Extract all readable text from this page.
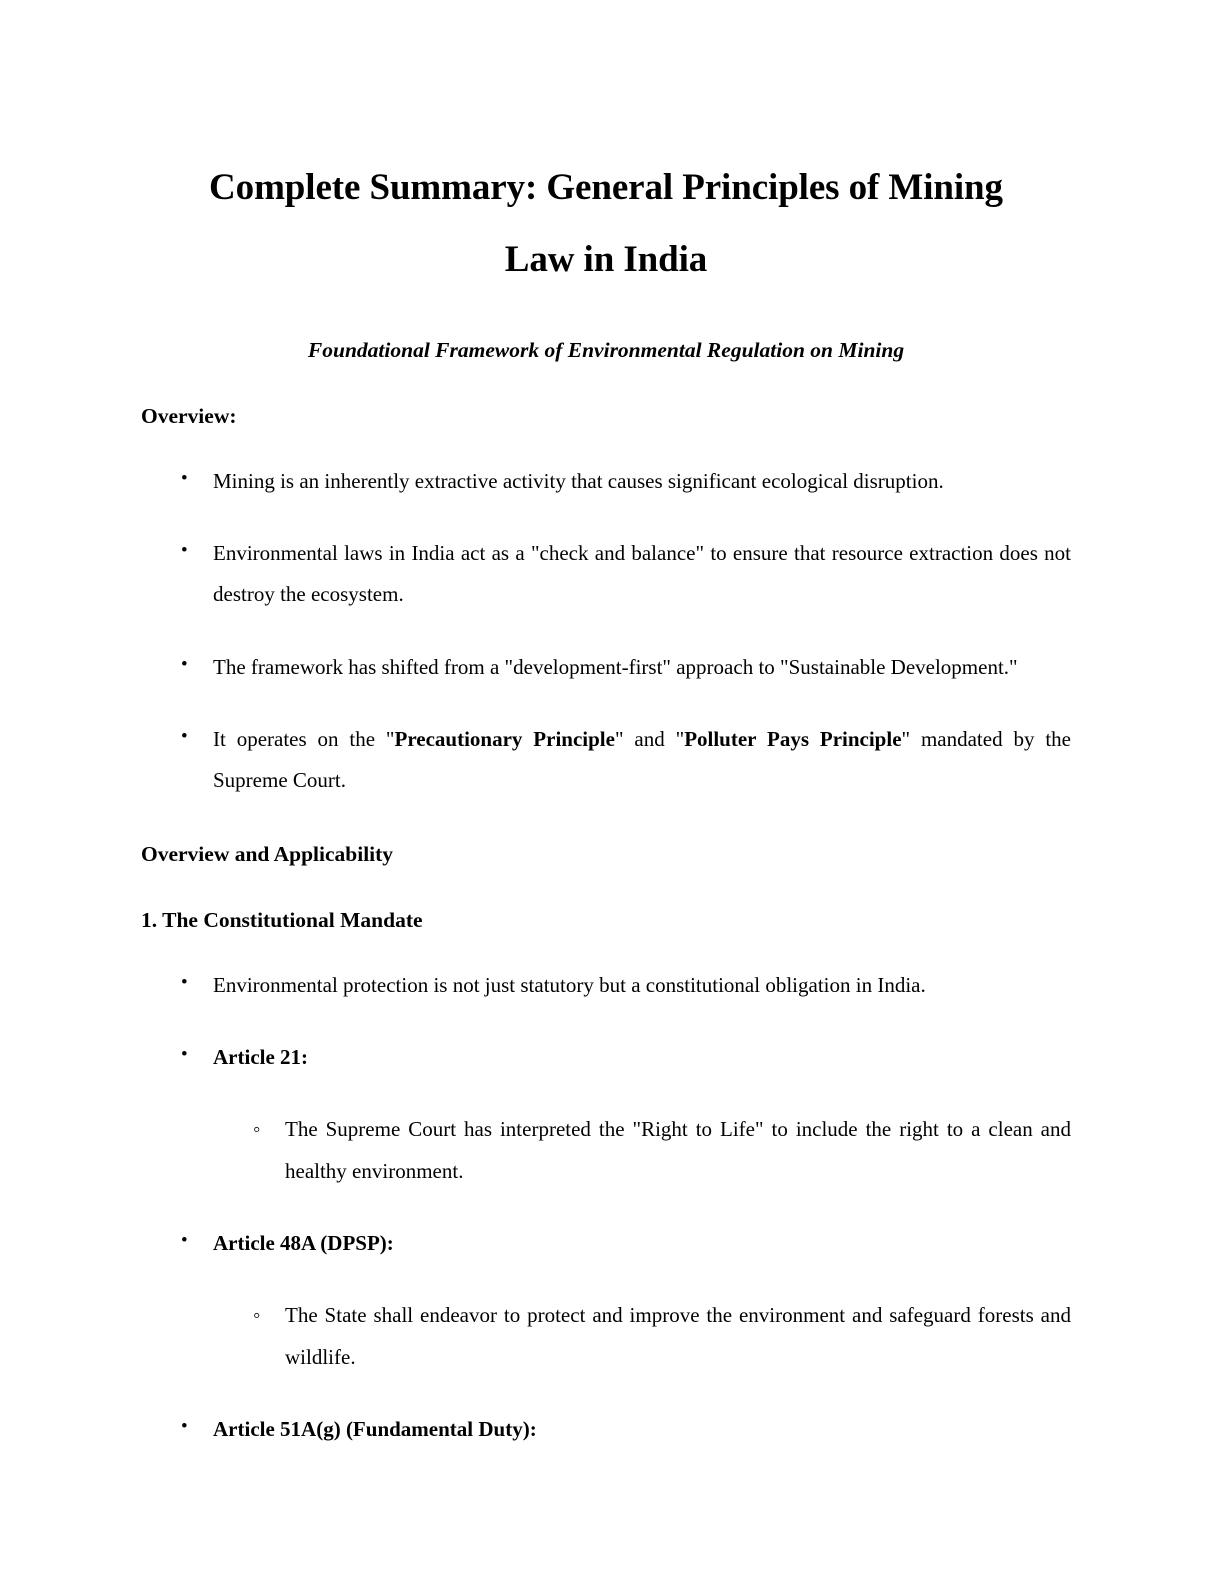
Complete Summary: General Principles of Mining
Law in India

Foundational Framework of Environmental Regulation on Mining

Overview:
• Mining is an inherently extractive activity that causes significant ecological disruption.
• Environmental laws in India act as a "check and balance" to ensure that resource extraction does not destroy the ecosystem.
• The framework has shifted from a "development-first" approach to "Sustainable Development."
• It operates on the "Precautionary Principle" and "Polluter Pays Principle" mandated by the Supreme Court.
Overview and Applicability
1. The Constitutional Mandate
• Environmental protection is not just statutory but a constitutional obligation in India.
• Article 21:
◦ The Supreme Court has interpreted the "Right to Life" to include the right to a clean and healthy environment.
• Article 48A (DPSP):
◦ The State shall endeavor to protect and improve the environment and safeguard forests and wildlife.
• Article 51A(g) (Fundamental Duty):
